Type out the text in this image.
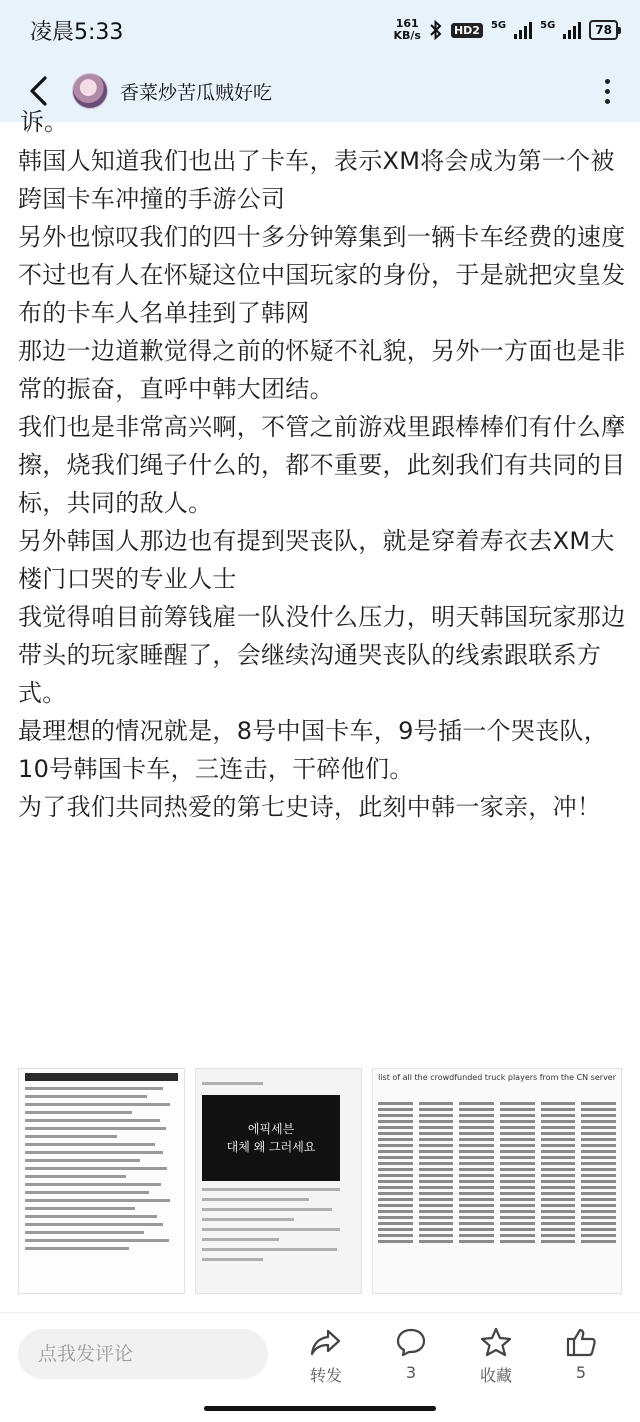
凌晨5:33	161
KB/s	HD2	5G	5G	78
香菜炒苦瓜贼好吃
诉。

韩国人知道我们也出了卡车，表示XM将会成为第一个被跨国卡车冲撞的手游公司

另外也惊叹我们的四十多分钟筹集到一辆卡车经费的速度

不过也有人在怀疑这位中国玩家的身份，于是就把灾皇发布的卡车人名单挂到了韩网

那边一边道歉觉得之前的怀疑不礼貌，另外一方面也是非常的振奋，直呼中韩大团结。

我们也是非常高兴啊，不管之前游戏里跟棒棒们有什么摩擦，烧我们绳子什么的，都不重要，此刻我们有共同的目标，共同的敌人。

另外韩国人那边也有提到哭丧队，就是穿着寿衣去XM大楼门口哭的专业人士

我觉得咱目前筹钱雇一队没什么压力，明天韩国玩家那边带头的玩家睡醒了，会继续沟通哭丧队的线索跟联系方式。

最理想的情况就是，8号中国卡车，9号插一个哭丧队，10号韩国卡车，三连击，干碎他们。

为了我们共同热爱的第七史诗，此刻中韩一家亲，冲！

에픽세븐
대체 왜 그러세요
list of all the crowdfunded truck players from the CN server
点我发评论
转发	3	收藏	5
